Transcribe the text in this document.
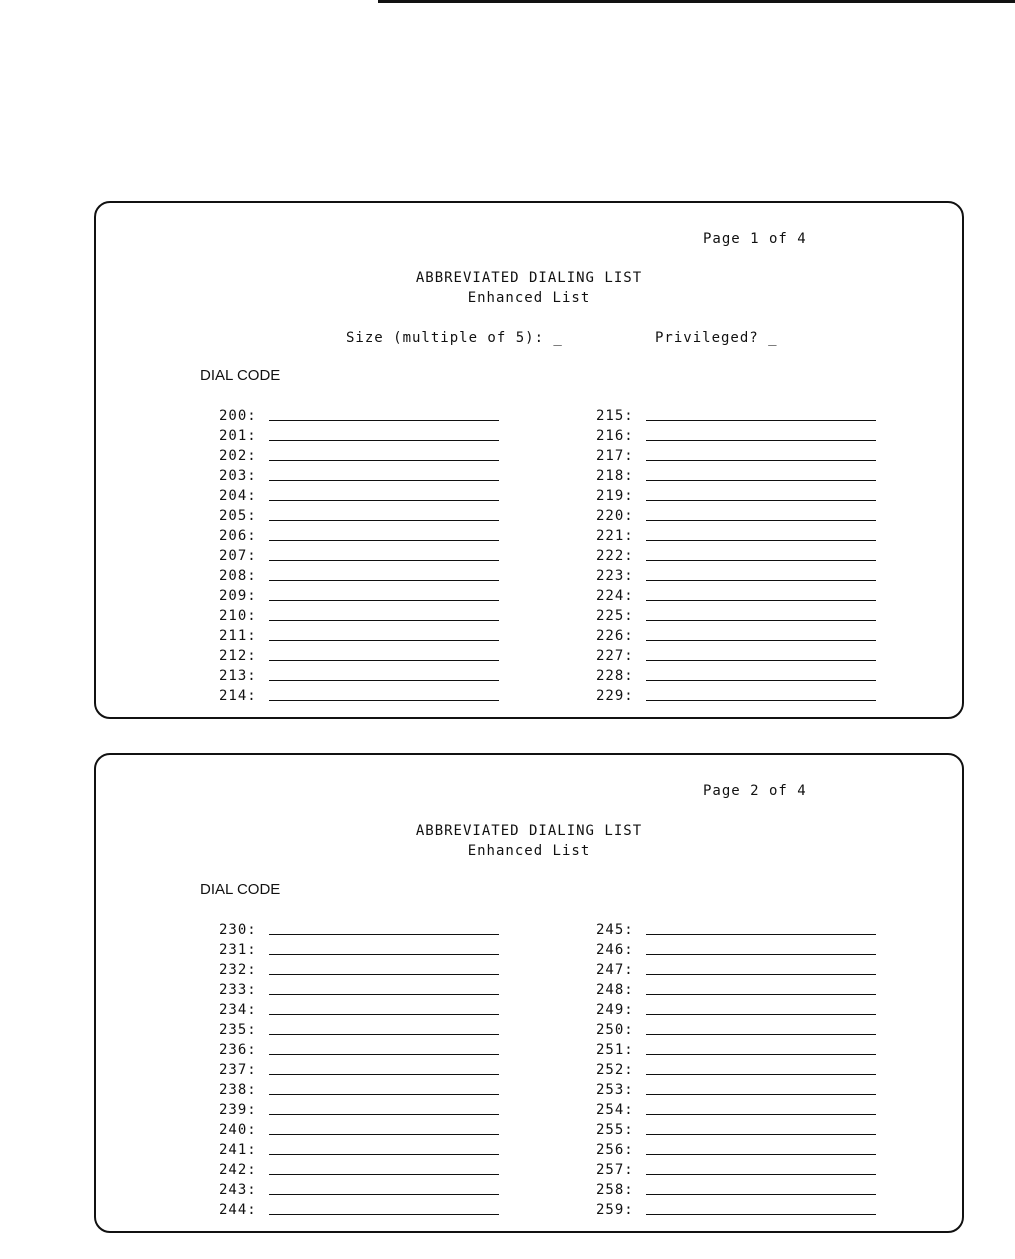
Page 1 of 4
ABBREVIATED DIALING LIST
Enhanced List
Size (multiple of 5): _	Privileged? _
DIAL CODE
200:
201:
202:
203:
204:
205:
206:
207:
208:
209:
210:
211:
212:
213:
214:
215:
216:
217:
218:
219:
220:
221:
222:
223:
224:
225:
226:
227:
228:
229:
Page 2 of 4
ABBREVIATED DIALING LIST
Enhanced List
DIAL CODE
230:
231:
232:
233:
234:
235:
236:
237:
238:
239:
240:
241:
242:
243:
244:
245:
246:
247:
248:
249:
250:
251:
252:
253:
254:
255:
256:
257:
258:
259:
